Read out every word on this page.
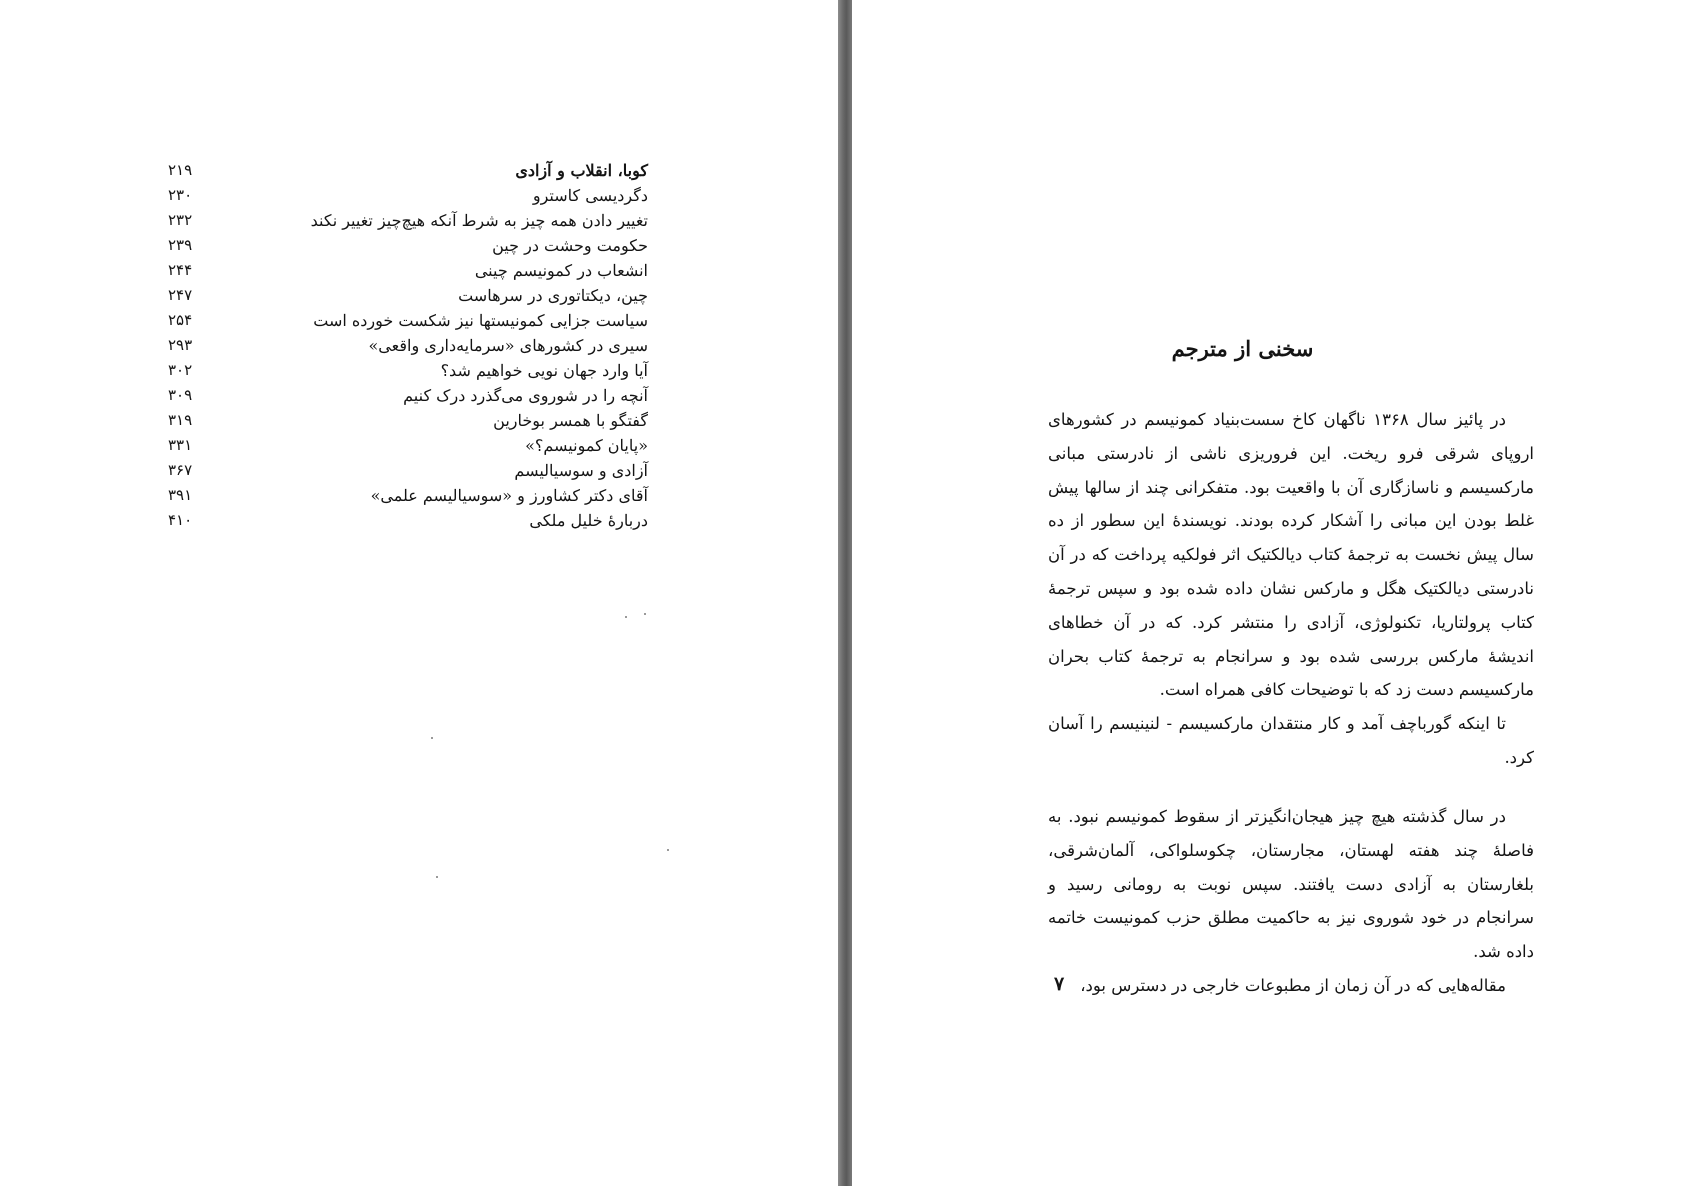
کوبا، انقلاب و آزادی
۲۱۹
دگردیسی کاسترو
۲۳۰
تغییر دادن همه چیز به شرط آنکه هیچ‌چیز تغییر نکند
۲۳۲
حکومت وحشت در چین
۲۳۹
انشعاب در کمونیسم چینی
۲۴۴
چین، دیکتاتوری در سرهاست
۲۴۷
سیاست جزایی کمونیستها نیز شکست خورده است
۲۵۴
سیری در کشورهای «سرمایه‌داری واقعی»
۲۹۳
آیا وارد جهان نویی خواهیم شد؟
۳۰۲
آنچه را در شوروی می‌گذرد درک کنیم
۳۰۹
گفتگو با همسر بوخارین
۳۱۹
«پایان کمونیسم؟»
۳۳۱
آزادی و سوسیالیسم
۳۶۷
آقای دکتر کشاورز و «سوسیالیسم علمی»
۳۹۱
دربارهٔ خلیل ملکی
۴۱۰
سخنی از مترجم

در پائیز سال ۱۳۶۸ ناگهان کاخ سست‌بنیاد کمونیسم در کشورهای اروپای شرقی فرو ریخت. این فروریزی ناشی از نادرستی مبانی مارکسیسم و ناسازگاری آن با واقعیت بود. متفکرانی چند از سالها پیش غلط بودن این مبانی را آشکار کرده بودند. نویسندهٔ این سطور از ده سال پیش نخست به ترجمهٔ کتاب دیالکتیک اثر فولکیه پرداخت که در آن نادرستی دیالکتیک هگل و مارکس نشان داده شده بود و سپس ترجمهٔ کتاب پرولتاریا، تکنولوژی، آزادی را منتشر کرد. که در آن خطاهای اندیشهٔ مارکس بررسی شده بود و سرانجام به ترجمهٔ کتاب بحران مارکسیسم دست زد که با توضیحات کافی همراه است.

تا اینکه گورباچف آمد و کار منتقدان مارکسیسم - لنینیسم را آسان کرد.

در سال گذشته هیچ چیز هیجان‌انگیزتر از سقوط کمونیسم نبود. به فاصلهٔ چند هفته لهستان، مجارستان، چکوسلواکی، آلمان‌شرقی، بلغارستان به آزادی دست یافتند. سپس نوبت به رومانی رسید و سرانجام در خود شوروی نیز به حاکمیت مطلق حزب کمونیست خاتمه داده شد.

مقاله‌هایی که در آن زمان از مطبوعات خارجی در دسترس بود،

۷
